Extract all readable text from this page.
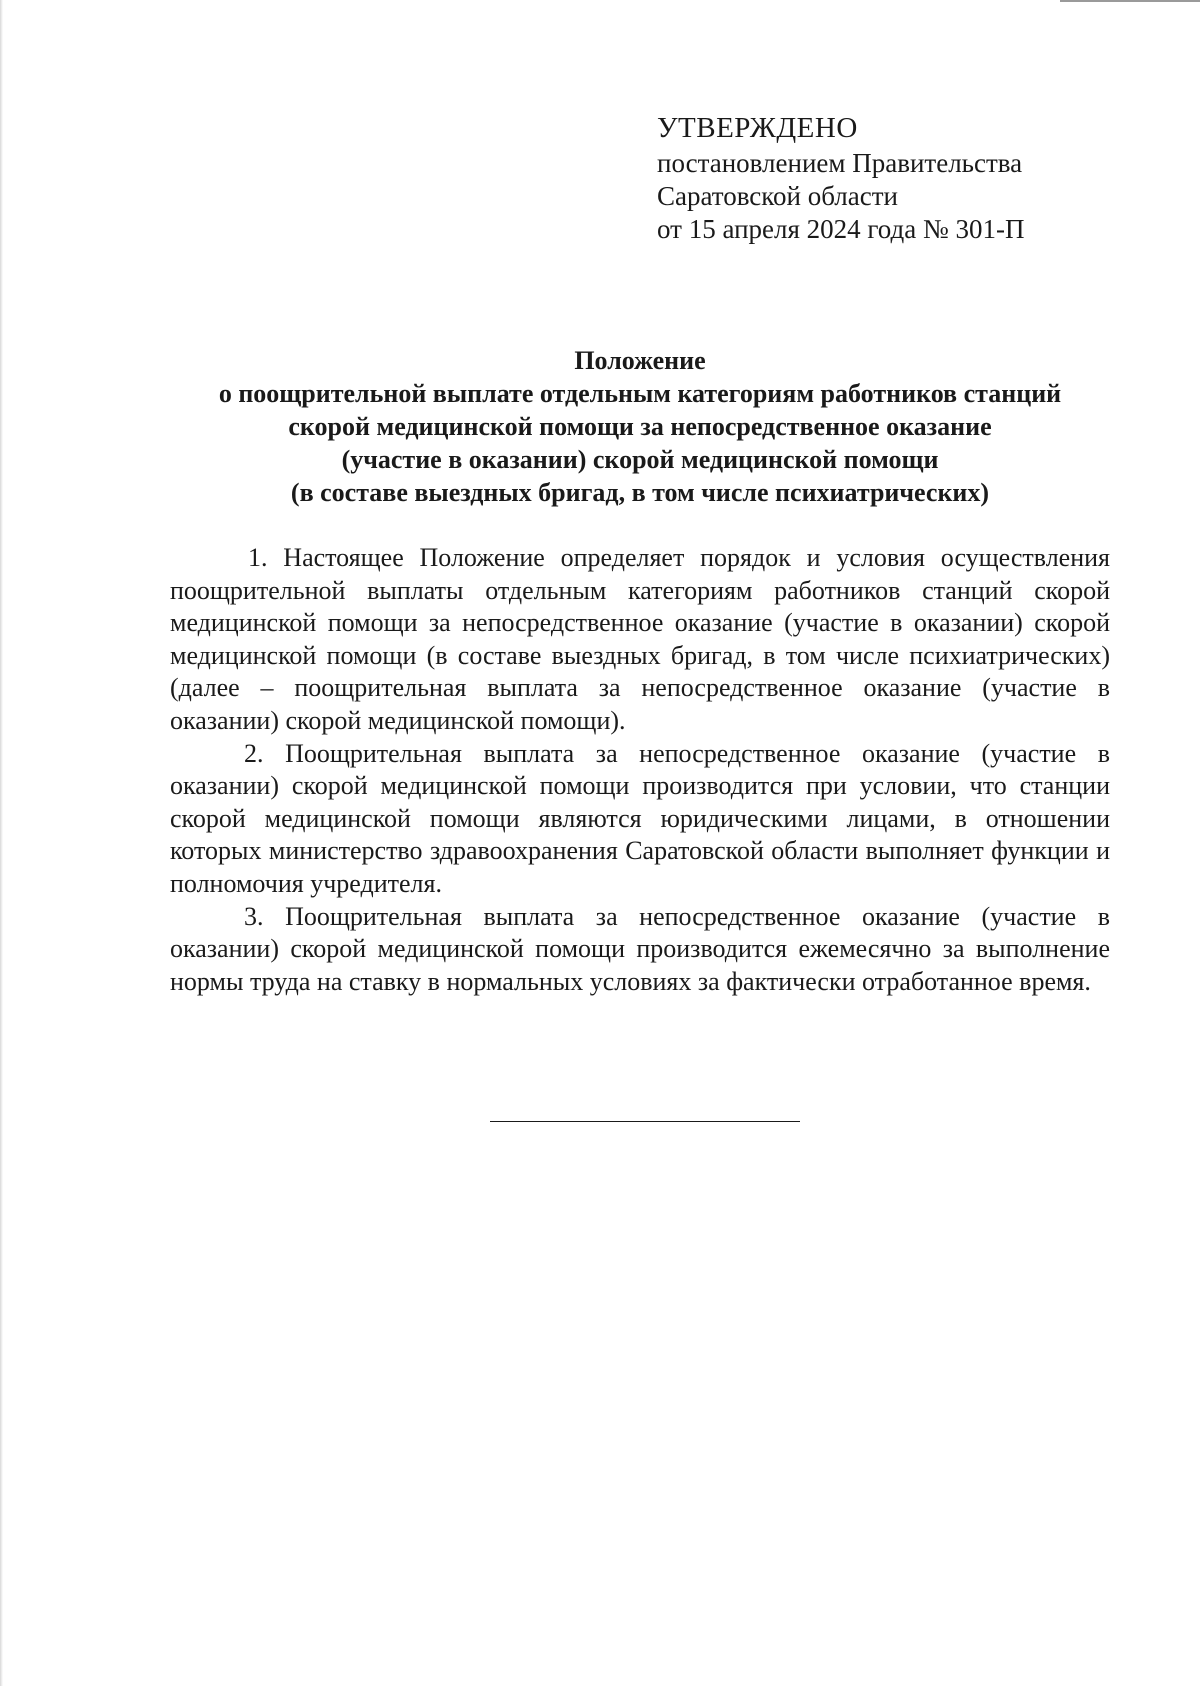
УТВЕРЖДЕНО
постановлением Правительства
Саратовской области
от 15 апреля 2024 года № 301-П
Положение
о поощрительной выплате отдельным категориям работников станций
скорой медицинской помощи за непосредственное оказание
(участие в оказании) скорой медицинской помощи
(в составе выездных бригад, в том числе психиатрических)

1. Настоящее Положение определяет порядок и условия осуществления поощрительной выплаты отдельным категориям работников станций скорой медицинской помощи за непосредственное оказание (участие в оказании) скорой медицинской помощи (в составе выездных бригад, в том числе психиатрических) (далее – поощрительная выплата за непосредственное оказание (участие в оказании) скорой медицинской помощи).

2. Поощрительная выплата за непосредственное оказание (участие в оказании) скорой медицинской помощи производится при условии, что станции скорой медицинской помощи являются юридическими лицами, в отношении которых министерство здравоохранения Саратовской области выполняет функции и полномочия учредителя.

3. Поощрительная выплата за непосредственное оказание (участие в оказании) скорой медицинской помощи производится ежемесячно за выполнение нормы труда на ставку в нормальных условиях за фактически отработанное время.
